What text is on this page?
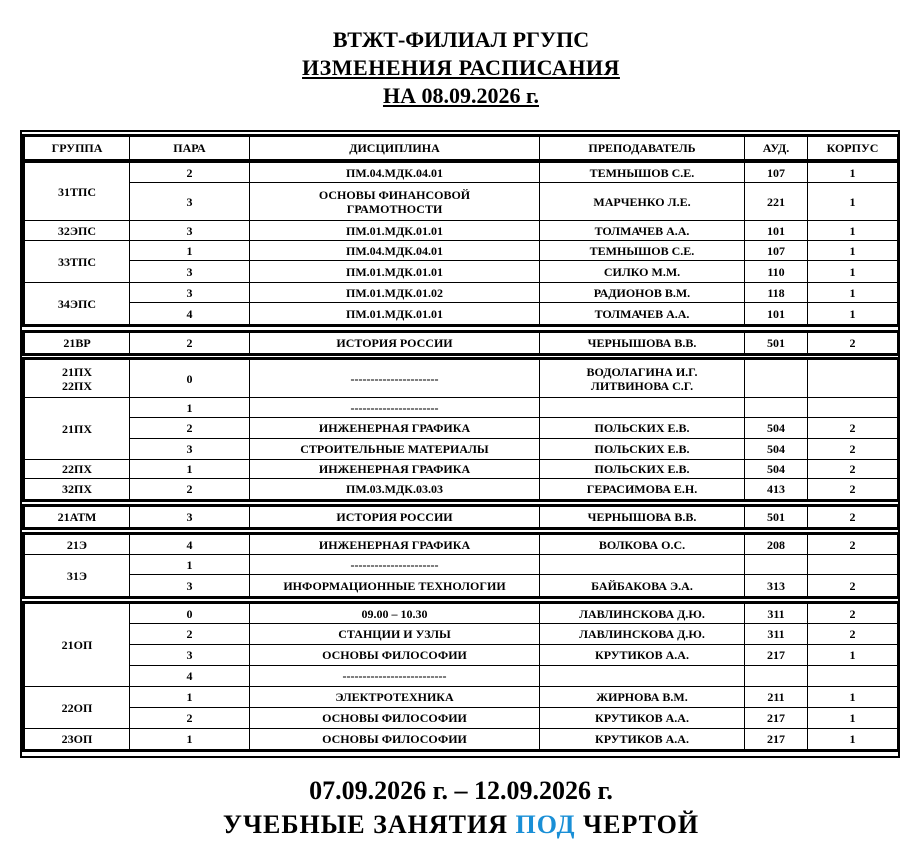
ВТЖТ-ФИЛИАЛ РГУПС
ИЗМЕНЕНИЯ РАСПИСАНИЯ
НА 08.09.2026 г.
ГРУППА	ПАРА	ДИСЦИПЛИНА	ПРЕПОДАВАТЕЛЬ	АУД.	КОРПУС
31ТПС	2	ПМ.04.МДК.04.01	ТЕМНЫШОВ С.Е.	107	1
	3	ОСНОВЫ ФИНАНСОВОЙ ГРАМОТНОСТИ	МАРЧЕНКО Л.Е.	221	1
32ЭПС	3	ПМ.01.МДК.01.01	ТОЛМАЧЕВ А.А.	101	1
33ТПС	1	ПМ.04.МДК.04.01	ТЕМНЫШОВ С.Е.	107	1
	3	ПМ.01.МДК.01.01	СИЛКО М.М.	110	1
34ЭПС	3	ПМ.01.МДК.01.02	РАДИОНОВ В.М.	118	1
	4	ПМ.01.МДК.01.01	ТОЛМАЧЕВ А.А.	101	1
21ВР	2	ИСТОРИЯ РОССИИ	ЧЕРНЫШОВА В.В.	501	2
21ПХ 22ПХ	0	----------------------	ВОДОЛАГИНА И.Г. ЛИТВИНОВА С.Г.		
21ПХ	1	----------------------			
	2	ИНЖЕНЕРНАЯ ГРАФИКА	ПОЛЬСКИХ Е.В.	504	2
	3	СТРОИТЕЛЬНЫЕ МАТЕРИАЛЫ	ПОЛЬСКИХ Е.В.	504	2
22ПХ	1	ИНЖЕНЕРНАЯ ГРАФИКА	ПОЛЬСКИХ Е.В.	504	2
32ПХ	2	ПМ.03.МДК.03.03	ГЕРАСИМОВА Е.Н.	413	2
21АТМ	3	ИСТОРИЯ РОССИИ	ЧЕРНЫШОВА В.В.	501	2
21Э	4	ИНЖЕНЕРНАЯ ГРАФИКА	ВОЛКОВА О.С.	208	2
31Э	1	----------------------			
	3	ИНФОРМАЦИОННЫЕ ТЕХНОЛОГИИ	БАЙБАКОВА Э.А.	313	2
21ОП	0	09.00 – 10.30	ЛАВЛИНСКОВА Д.Ю.	311	2
	2	СТАНЦИИ И УЗЛЫ	ЛАВЛИНСКОВА Д.Ю.	311	2
	3	ОСНОВЫ ФИЛОСОФИИ	КРУТИКОВ А.А.	217	1
	4	--------------------------			
22ОП	1	ЭЛЕКТРОТЕХНИКА	ЖИРНОВА В.М.	211	1
	2	ОСНОВЫ ФИЛОСОФИИ	КРУТИКОВ А.А.	217	1
23ОП	1	ОСНОВЫ ФИЛОСОФИИ	КРУТИКОВ А.А.	217	1
07.09.2026 г. – 12.09.2026 г.
УЧЕБНЫЕ ЗАНЯТИЯ ПОД ЧЕРТОЙ
